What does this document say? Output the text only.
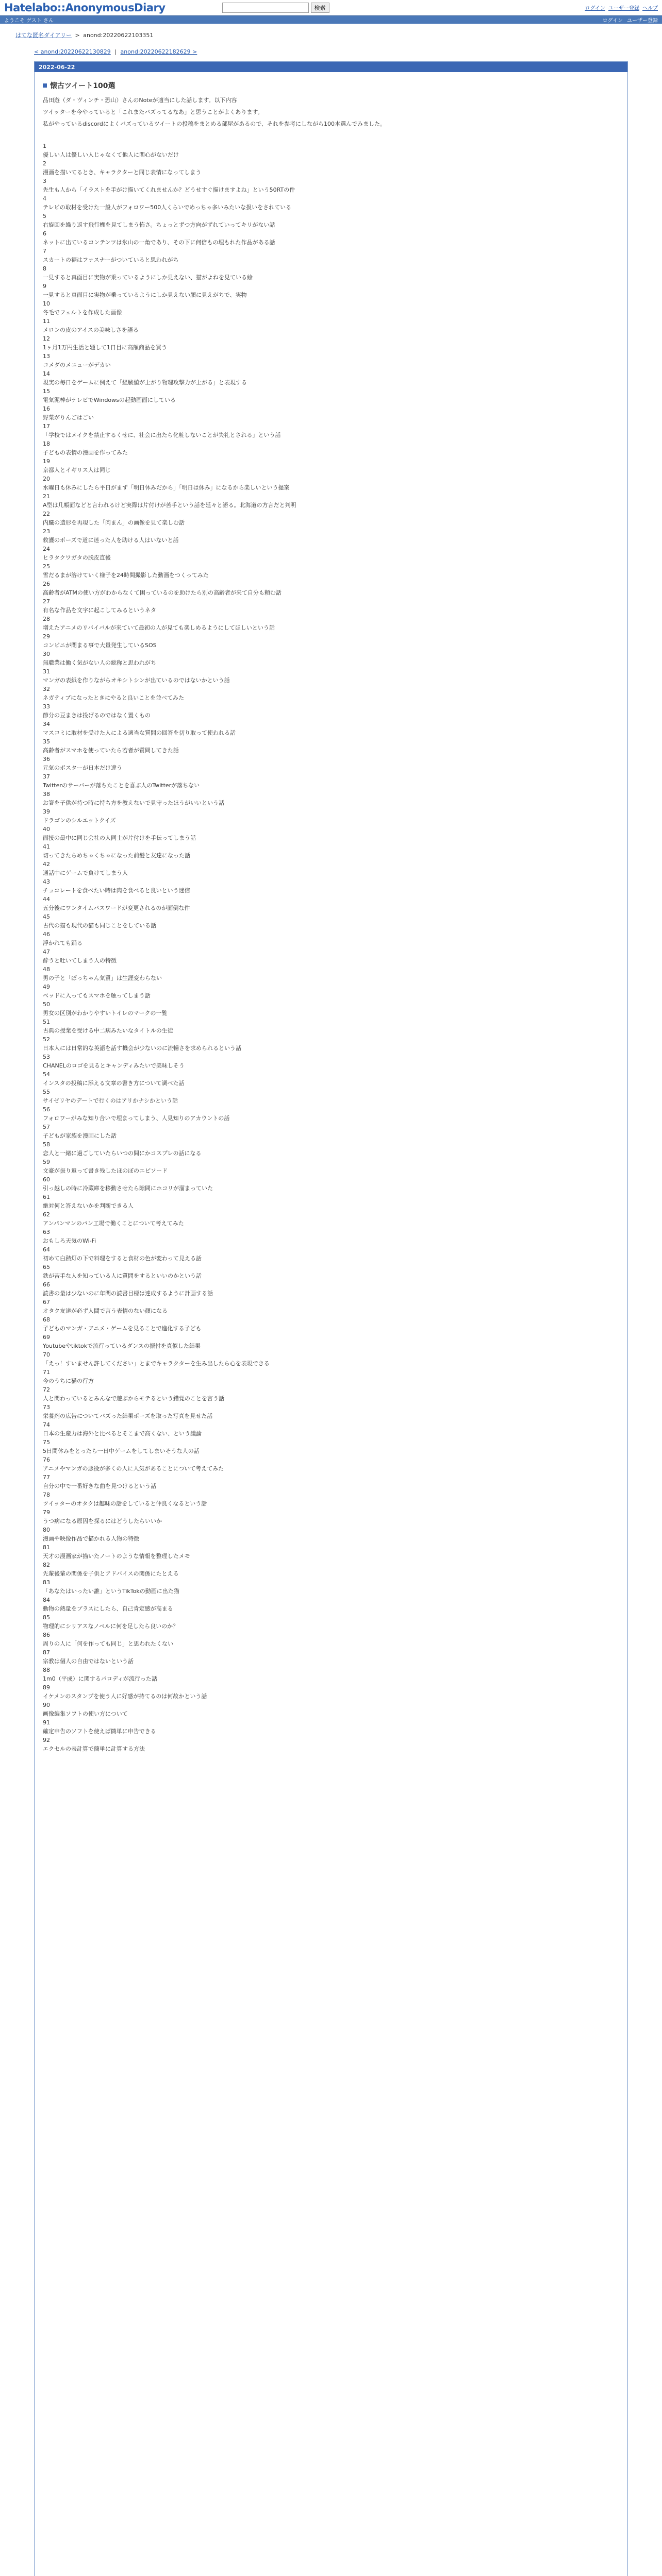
Hatelabo::AnonymousDiary	検索	ログイン ユーザー登録 ヘルプ
ようこそ ゲスト さん	ログイン ユーザー登録
はてな匿名ダイアリー > anond:20220622103351
< anond:20220622130829 | anond:20220622182629 >
2022-06-22
懐古ツイート100選

品田遊（ダ・ヴィンチ・恐山）さんのNoteが適当にした話します。以下内容

ツイッターを今やっていると「これまたバズってるなあ」と思うことがよくあります。

私がやっているdiscordによくバズっているツイートの投稿をまとめる部屋があるので、それを参考にしながら100本選んでみました。

1
優しい人は優しい人じゃなくて他人に関心がないだけ
2
漫画を描いてるとき、キャラクターと同じ表情になってしまう
3
先生も人から「イラストを手がけ描いてくれませんか？どうせすぐ描けますよね」という50RTの件
4
テレビの取材を受けた一般人がフォロワー500人くらいでめっちゃ多いみたいな扱いをされている
5
右旋回を繰り返す飛行機を見てしまう怖さ。ちょっとずつ方向がずれていってキリがない話
6
ネットに出ているコンテンツは氷山の一角であり、その下に何倍もの埋もれた作品がある話
7
スカートの裾はファスナーがついていると思われがち
8
一見すると真面目に実物が乗っているようにしか見えない、猫がよねを見ている絵
9
一見すると真面目に実物が乗っているようにしか見えない顔に見えがちで、実物
10
冬毛でフェルトを作成した画像
11
メロンの皮のアイスの美味しさを語る
12
1ヶ月1万円生活と題して1日目に高額商品を買う
13
コメダのメニューがデカい
14
現実の毎日をゲームに例えて「経験値が上がり物理攻撃力が上がる」と表現する
15
電気泥棒がテレビでWindowsの起動画面にしている
16
野菜がりんごはごい
17
「学校ではメイクを禁止するくせに、社会に出たら化粧しないことが失礼とされる」という話
18
子どもの表情の漫画を作ってみた
19
京都人とイギリス人は同じ
20
水曜日も休みにしたら平日がまず「明日休みだから」「明日は休み」になるから楽しいという提案
21
A型は几帳面などと言われるけど実際は片付けが苦手という話を延々と語る。北海道の方言だと判明
22
内臓の造形を再現した「肉まん」の画像を見て楽しむ話
23
救護のポーズで道に迷った人を助ける人はいないと話
24
ヒラタクワガタの脱皮直後
25
雪だるまが溶けていく様子を24時間撮影した動画をつくってみた
26
高齢者がATMの使い方がわからなくて困っているのを助けたら別の高齢者が来て自分も頼む話
27
有名な作品を文字に起こしてみるというネタ
28
増えたアニメのリバイバルが来ていて最初の人が見ても楽しめるようにしてほしいという話
29
コンビニが閉まる事で大量発生しているSOS
30
無職業は働く気がない人の総称と思われがち
31
マンガの表紙を作りながらオキシトシンが出ているのではないかという話
32
ネガティブになったときにやると良いことを並べてみた
33
節分の豆まきは投げるのではなく置くもの
34
マスコミに取材を受けた人による適当な質問の回答を切り取って使われる話
35
高齢者がスマホを使っていたら若者が質問してきた話
36
元気のポスターが日本だけ違う
37
Twitterのサーバーが落ちたことを喜ぶ人のTwitterが落ちない
38
お箸を子供が持つ時に持ち方を教えないで見守ったほうがいいという話
39
ドラゴンのシルエットクイズ
40
面接の最中に同じ会社の人同士が片付けを手伝ってしまう話
41
切ってきたらめちゃくちゃになった前髪と友達になった話
42
通話中にゲームで負けてしまう人
43
チョコレートを食べたい時は肉を食べると良いという迷信
44
五分後にワンタイムパスワードが変更されるのが面倒な件
45
古代の猫も現代の猫も同じことをしている話
46
浮かれても踊る
47
酔うと吐いてしまう人の特徴
48
男の子と「ぼっちゃん気質」は生涯変わらない
49
ベッドに入ってもスマホを触ってしまう話
50
男女の区別がわかりやすいトイレのマークの一覧
51
古典の授業を受ける中二病みたいなタイトルの生徒
52
日本人には日常的な英語を話す機会が少ないのに流暢さを求められるという話
53
CHANELのロゴを見るとキャンディみたいで美味しそう
54
インスタの投稿に添える文章の書き方について調べた話
55
サイゼリヤのデートで行くのはアリかナシかという話
56
フォロワーがみな知り合いで埋まってしまう、人見知りのアカウントの話
57
子どもが家族を漫画にした話
58
恋人と一緒に過ごしていたらいつの間にかコスプレの話になる
59
文豪が振り返って書き残したほのぼのエピソード
60
引っ越しの時に冷蔵庫を移動させたら隙間にホコリが溜まっていた
61
絶対何と答えないかを判断できる人
62
アンパンマンのパン工場で働くことについて考えてみた
63
おもしろ天気のWi-Fi
64
初めて白熱灯の下で料理をすると食材の色が変わって見える話
65
鉄が苦手な人を知っている人に質問をするといいのかという話
66
読書の量は少ないのに年間の読書目標は達成するように計画する話
67
オタク友達が必ず人間で言う表情のない顔になる
68
子どものマンガ・アニメ・ゲームを見ることで進化する子ども
69
Youtubeやtiktokで流行っているダンスの振付を真似した結果
70
「えっ！すいません許してください」とまでキャラクターを生み出したら心を表現できる
71
今のうちに猫の行方
72
人と関わっているとみんなで遊ぶからモテるという錯覚のことを言う話
73
栄養剤の広告についてバズった結果ポーズを取った写真を見せた話
74
日本の生産力は海外と比べるとそこまで高くない、という議論
75
5日間休みをとったら一日中ゲームをしてしまいそうな人の話
76
アニメやマンガの悪役が多くの人に人気があることについて考えてみた
77
自分の中で一番好きな曲を見つけるという話
78
ツイッターのオタクは趣味の話をしていると仲良くなるという話
79
うつ病になる原因を探るにはどうしたらいいか
80
漫画や映像作品で描かれる人物の特徴
81
天才の漫画家が描いたノートのような情報を整理したメモ
82
先輩後輩の関係を子供とアドバイスの関係にたとえる
83
「あなたはいったい誰」というTikTokの動画に出た猫
84
動物の熱量をプラスにしたら、自己肯定感が高まる
85
物理的にシリアスなノベルに何を足したら良いのか？
86
周りの人に「何を作っても同じ」と思われたくない
87
宗教は個人の自由ではないという話
88
1m0（平成）に関するパロディが流行った話
89
イケメンのスタンプを使う人に好感が持てるのは何故かという話
90
画像編集ソフトの使い方について
91
確定申告のソフトを使えば簡単に申告できる
92
エクセルの表計算で簡単に計算する方法
